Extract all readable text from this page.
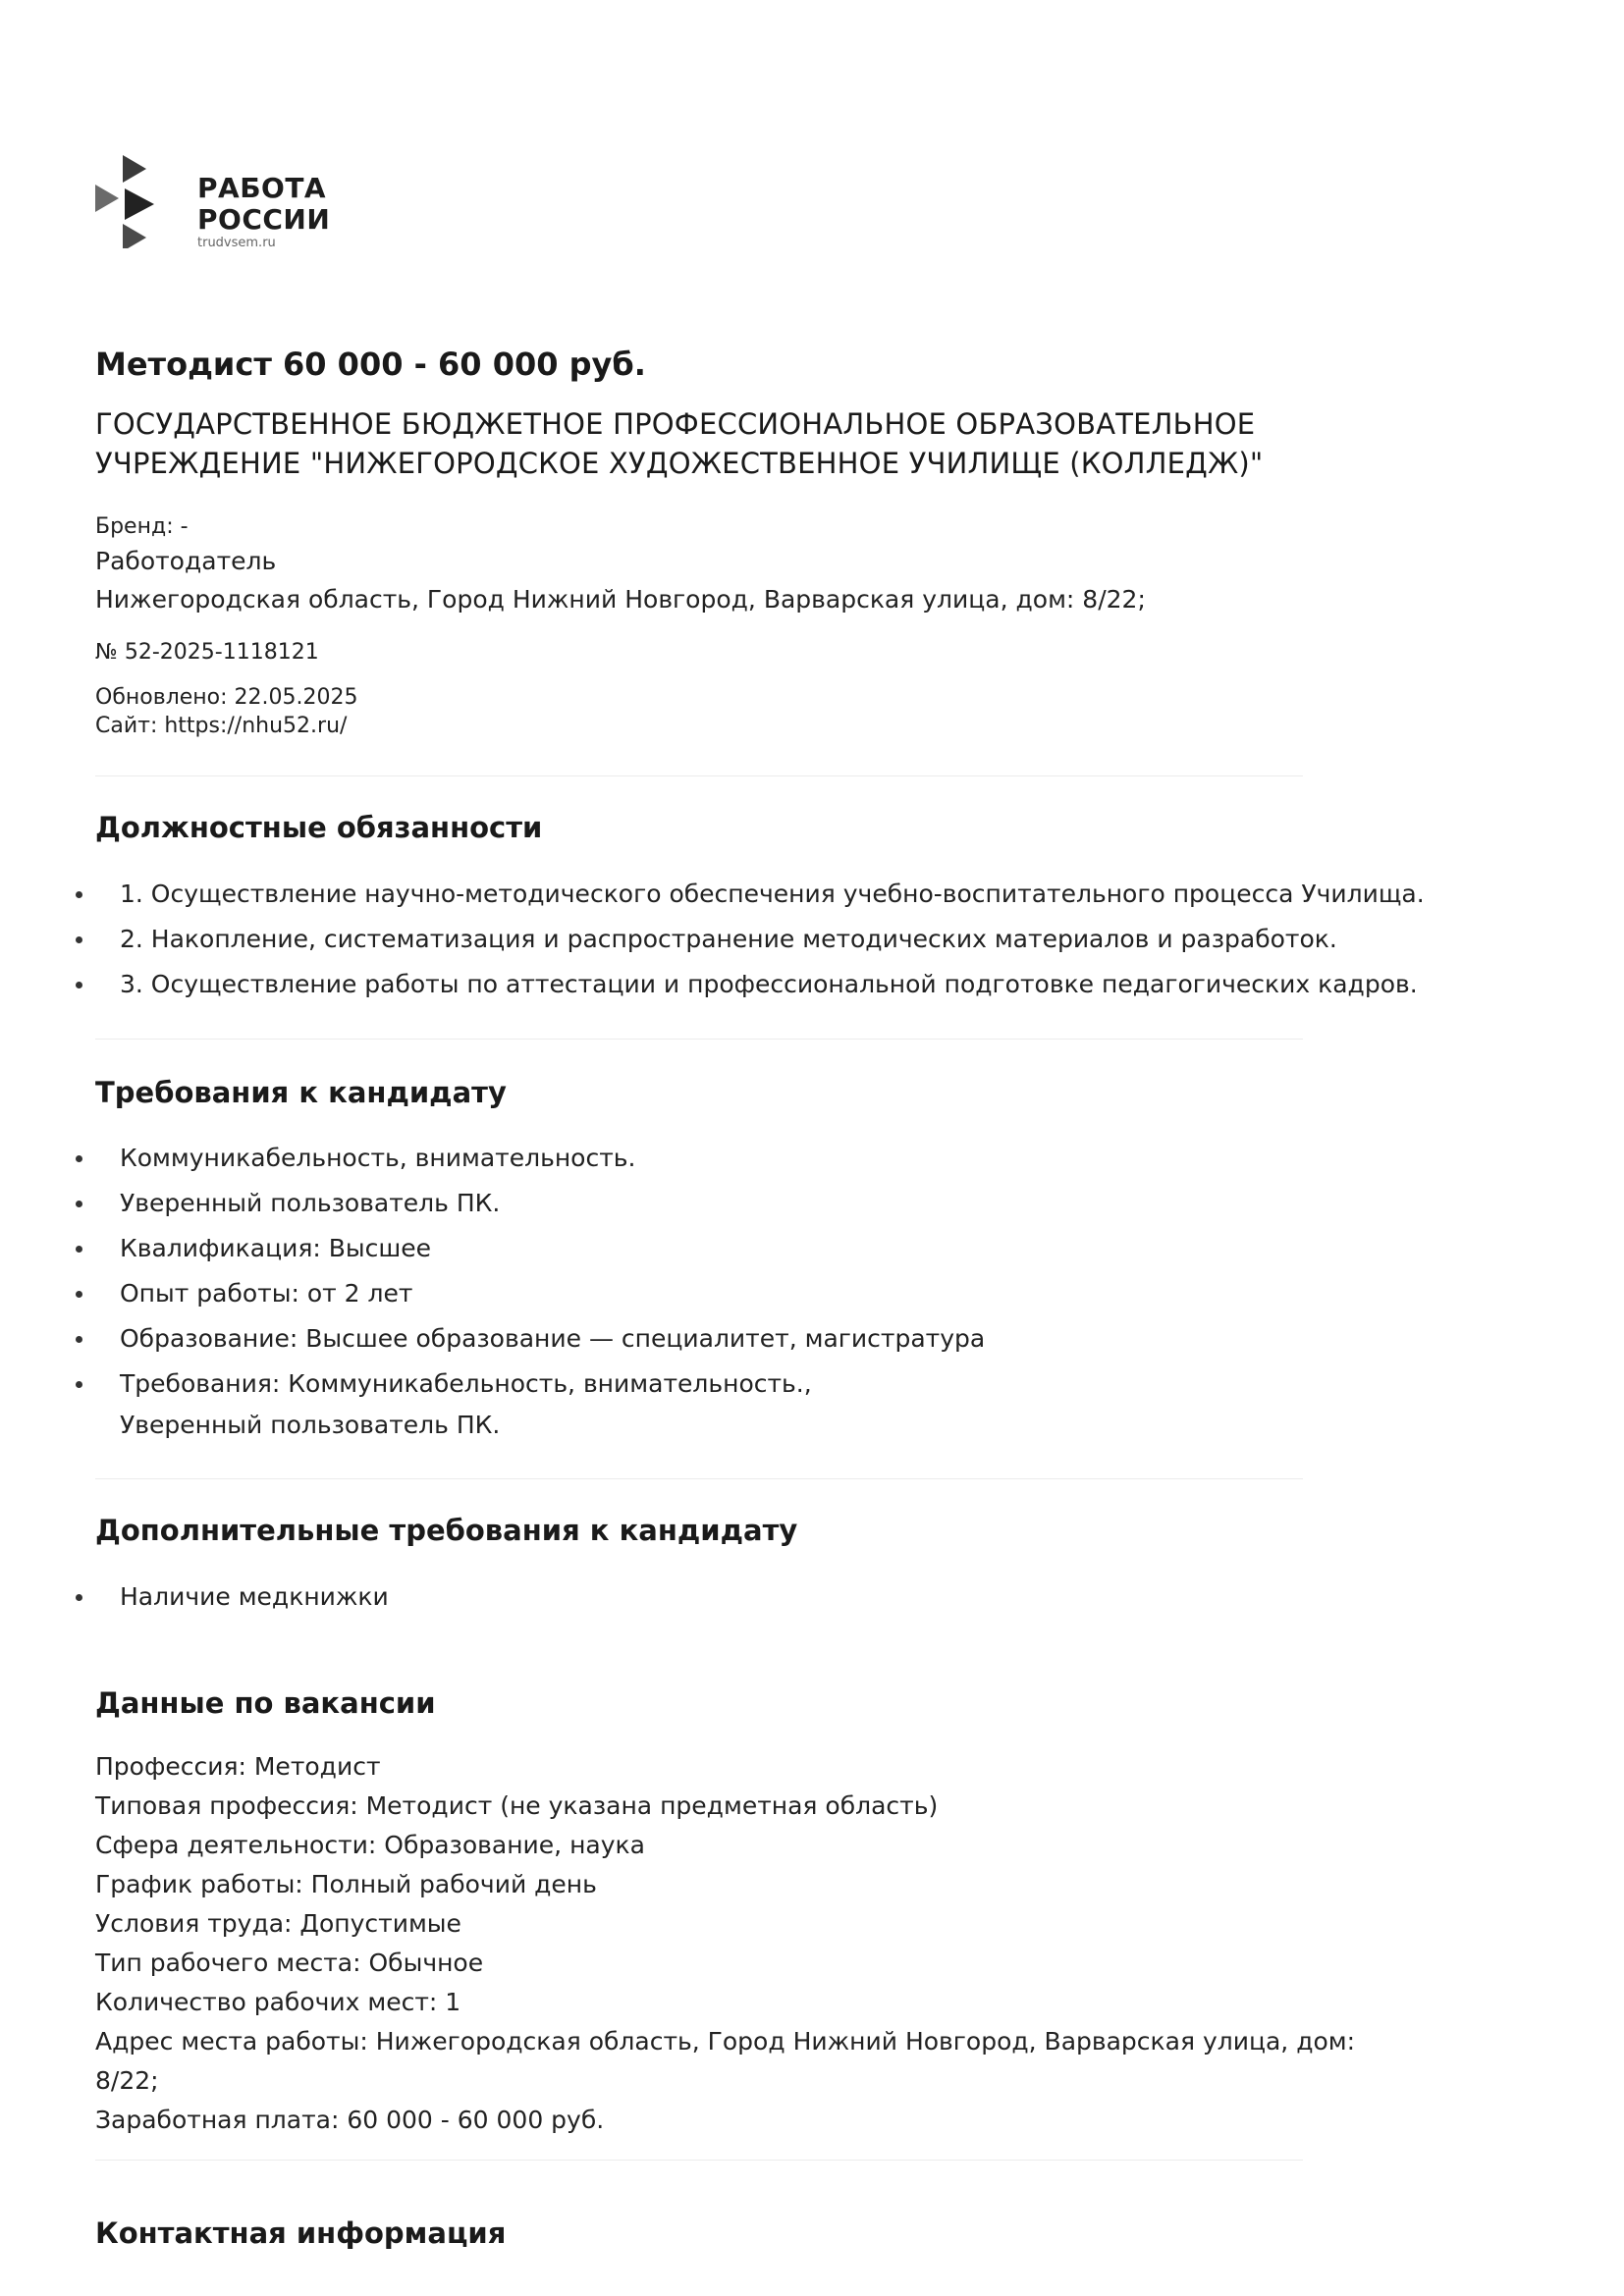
РАБОТА
РОССИИ
trudvsem.ru
Методист 60 000 - 60 000 руб.
ГОСУДАРСТВЕННОЕ БЮДЖЕТНОЕ ПРОФЕССИОНАЛЬНОЕ ОБРАЗОВАТЕЛЬНОЕ УЧРЕЖДЕНИЕ "НИЖЕГОРОДСКОЕ ХУДОЖЕСТВЕННОЕ УЧИЛИЩЕ (КОЛЛЕДЖ)"
Бренд: -
Работодатель
Нижегородская область, Город Нижний Новгород, Варварская улица, дом: 8/22;
№ 52-2025-1118121
Обновлено: 22.05.2025
Сайт: https://nhu52.ru/
Должностные обязанности
1. Осуществление научно-методического обеспечения учебно-воспитательного процесса Училища.
2. Накопление, систематизация и распространение методических материалов и разработок.
3. Осуществление работы по аттестации и профессиональной подготовке педагогических кадров.
Требования к кандидату
Коммуникабельность, внимательность.
Уверенный пользователь ПК.
Квалификация: Высшее
Опыт работы: от 2 лет
Образование: Высшее образование — специалитет, магистратура
Требования: Коммуникабельность, внимательность.,
Уверенный пользователь ПК.
Дополнительные требования к кандидату
Наличие медкнижки
Данные по вакансии
Профессия: Методист
Типовая профессия: Методист (не указана предметная область)
Сфера деятельности: Образование, наука
График работы: Полный рабочий день
Условия труда: Допустимые
Тип рабочего места: Обычное
Количество рабочих мест: 1
Адрес места работы: Нижегородская область, Город Нижний Новгород, Варварская улица, дом:
8/22;
Заработная плата: 60 000 - 60 000 руб.
Контактная информация
